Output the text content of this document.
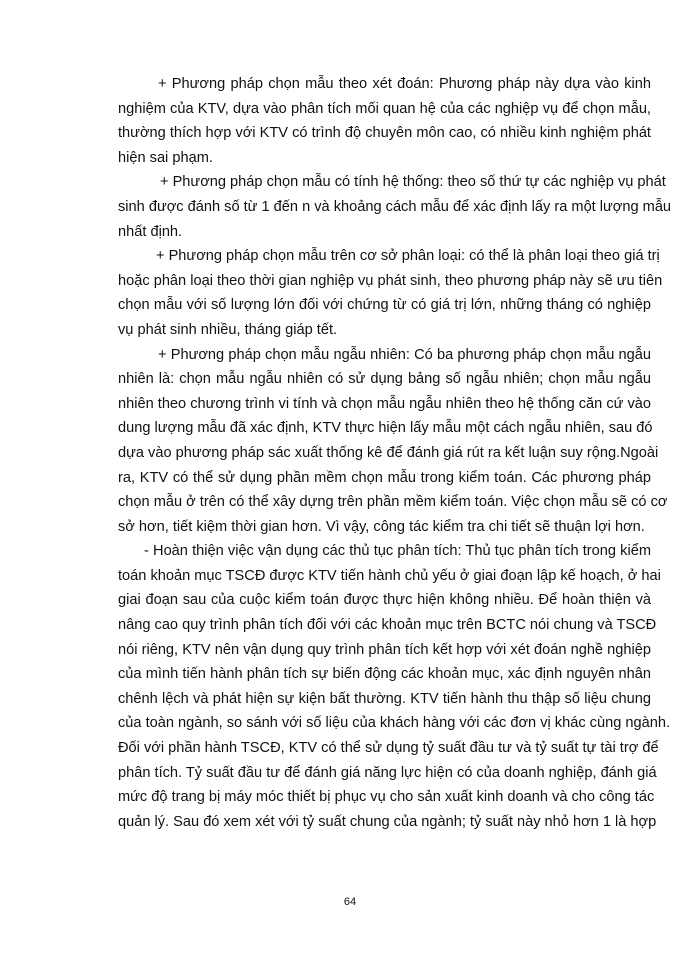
+ Phương pháp chọn mẫu theo xét đoán: Phương pháp này dựa vào kinh
nghiệm của KTV, dựa vào phân tích mối quan hệ của các nghiệp vụ để chọn mẫu,
thường thích hợp với KTV có trình độ chuyên môn cao, có nhiều kinh nghiệm phát
hiện sai phạm.
+ Phương pháp chọn mẫu có tính hệ thống: theo số thứ tự các nghiệp vụ phát
sinh được đánh số từ 1 đến n và khoảng cách mẫu để xác định lấy ra một lượng mẫu
nhất định.
+ Phương pháp chọn mẫu trên cơ sở phân loại: có thể là phân loại theo giá trị
hoặc phân loại theo thời gian nghiệp vụ phát sinh, theo phương pháp này sẽ ưu tiên
chọn mẫu với số lượng lớn đối với chứng từ có giá trị lớn, những tháng có nghiệp
vụ phát sinh nhiều, tháng giáp tết.
+ Phương pháp chọn mẫu ngẫu nhiên: Có ba phương pháp chọn mẫu ngẫu
nhiên là: chọn mẫu ngẫu nhiên có sử dụng bảng số ngẫu nhiên; chọn mẫu ngẫu
nhiên theo chương trình vi tính và chọn mẫu ngẫu nhiên theo hệ thống căn cứ vào
dung lượng mẫu đã xác định, KTV thực hiện lấy mẫu một cách ngẫu nhiên, sau đó
dựa vào phương pháp sác xuất thống kê để đánh giá rút ra kết luận suy rộng.Ngoài
ra, KTV có thể sử dụng phần mềm chọn mẫu trong kiểm toán. Các phương pháp
chọn mẫu ở trên có thể xây dựng trên phần mềm kiểm toán. Việc chọn mẫu sẽ có cơ
sở hơn, tiết kiệm thời gian hơn. Vì vậy, công tác kiểm tra chi tiết sẽ thuận lợi hơn.
- Hoàn thiện việc vận dụng các thủ tục phân tích: Thủ tục phân tích trong kiểm
toán khoản mục TSCĐ được KTV tiến hành chủ yếu ở giai đoạn lập kế hoạch, ở hai
giai đoạn sau của cuộc kiểm toán được thực hiện không nhiều. Để hoàn thiện và
nâng cao quy trình phân tích đối với các khoản mục trên BCTC nói chung và TSCĐ
nói riêng, KTV nên vận dụng quy trình phân tích kết hợp với xét đoán nghề nghiệp
của mình tiến hành phân tích sự biến động các khoản mục, xác định nguyên nhân
chênh lệch và phát hiện sự kiện bất thường. KTV tiến hành thu thập số liệu chung
của toàn ngành, so sánh với số liệu của khách hàng với các đơn vị khác cùng ngành.
Đối với phần hành TSCĐ, KTV có thể sử dụng tỷ suất đầu tư và tỷ suất tự tài trợ để
phân tích. Tỷ suất đầu tư để đánh giá năng lực hiện có của doanh nghiệp, đánh giá
mức độ trang bị máy móc thiết bị phục vụ cho sản xuất kinh doanh và cho công tác
quản lý. Sau đó xem xét với tỷ suất chung của ngành; tỷ suất này nhỏ hơn 1 là hợp
64
